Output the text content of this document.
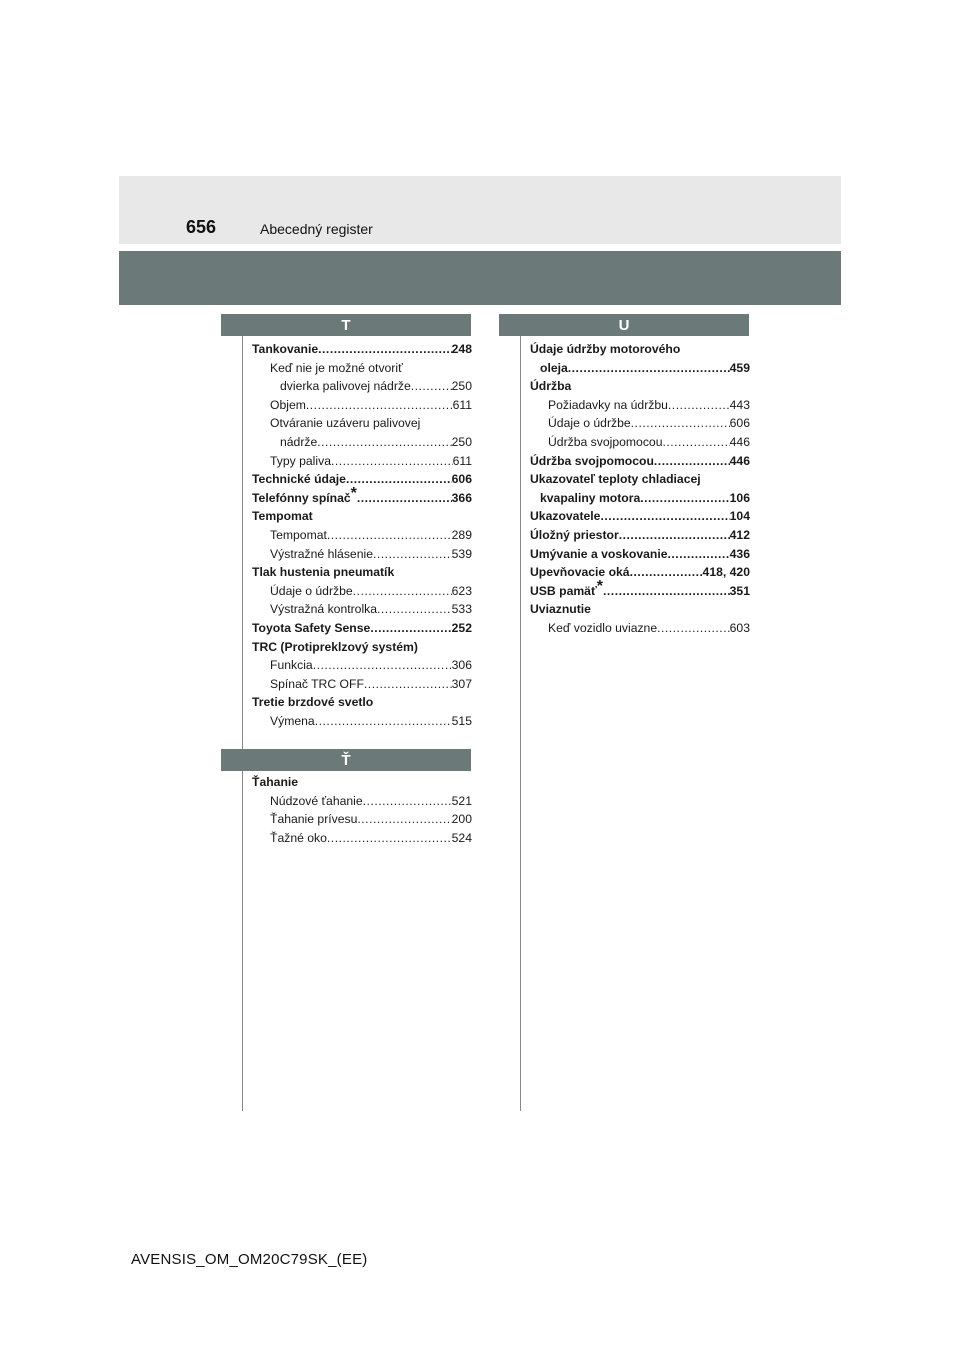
656	Abecedný register
T
Tankovanie .....	248
Keď nie je možné otvoriť
dvierka palivovej nádrže .....	250
Objem .....	611
Otváranie uzáveru palivovej
nádrže .....	250
Typy paliva .....	611
Technické údaje .....	606
Telefónny spínač * .....	366
Tempomat
Tempomat .....	289
Výstražné hlásenie .....	539
Tlak hustenia pneumatík
Údaje o údržbe .....	623
Výstražná kontrolka .....	533
Toyota Safety Sense .....	252
TRC (Protipreklzový systém)
Funkcia .....	306
Spínač TRC OFF .....	307
Tretie brzdové svetlo
Výmena .....	515
Ť
Ťahanie
Núdzové ťahanie .....	521
Ťahanie prívesu .....	200
Ťažné oko .....	524
U
Údaje údržby motorového
oleja .....	459
Údržba
Požiadavky na údržbu .....	443
Údaje o údržbe .....	606
Údržba svojpomocou .....	446
Údržba svojpomocou .....	446
Ukazovateľ teploty chladiacej
kvapaliny motora .....	106
Ukazovatele .....	104
Úložný priestor .....	412
Umývanie a voskovanie .....	436
Upevňovacie oká .....	418, 420
USB pamäť * .....	351
Uviaznutie
Keď vozidlo uviazne .....	603
AVENSIS_OM_OM20C79SK_(EE)
